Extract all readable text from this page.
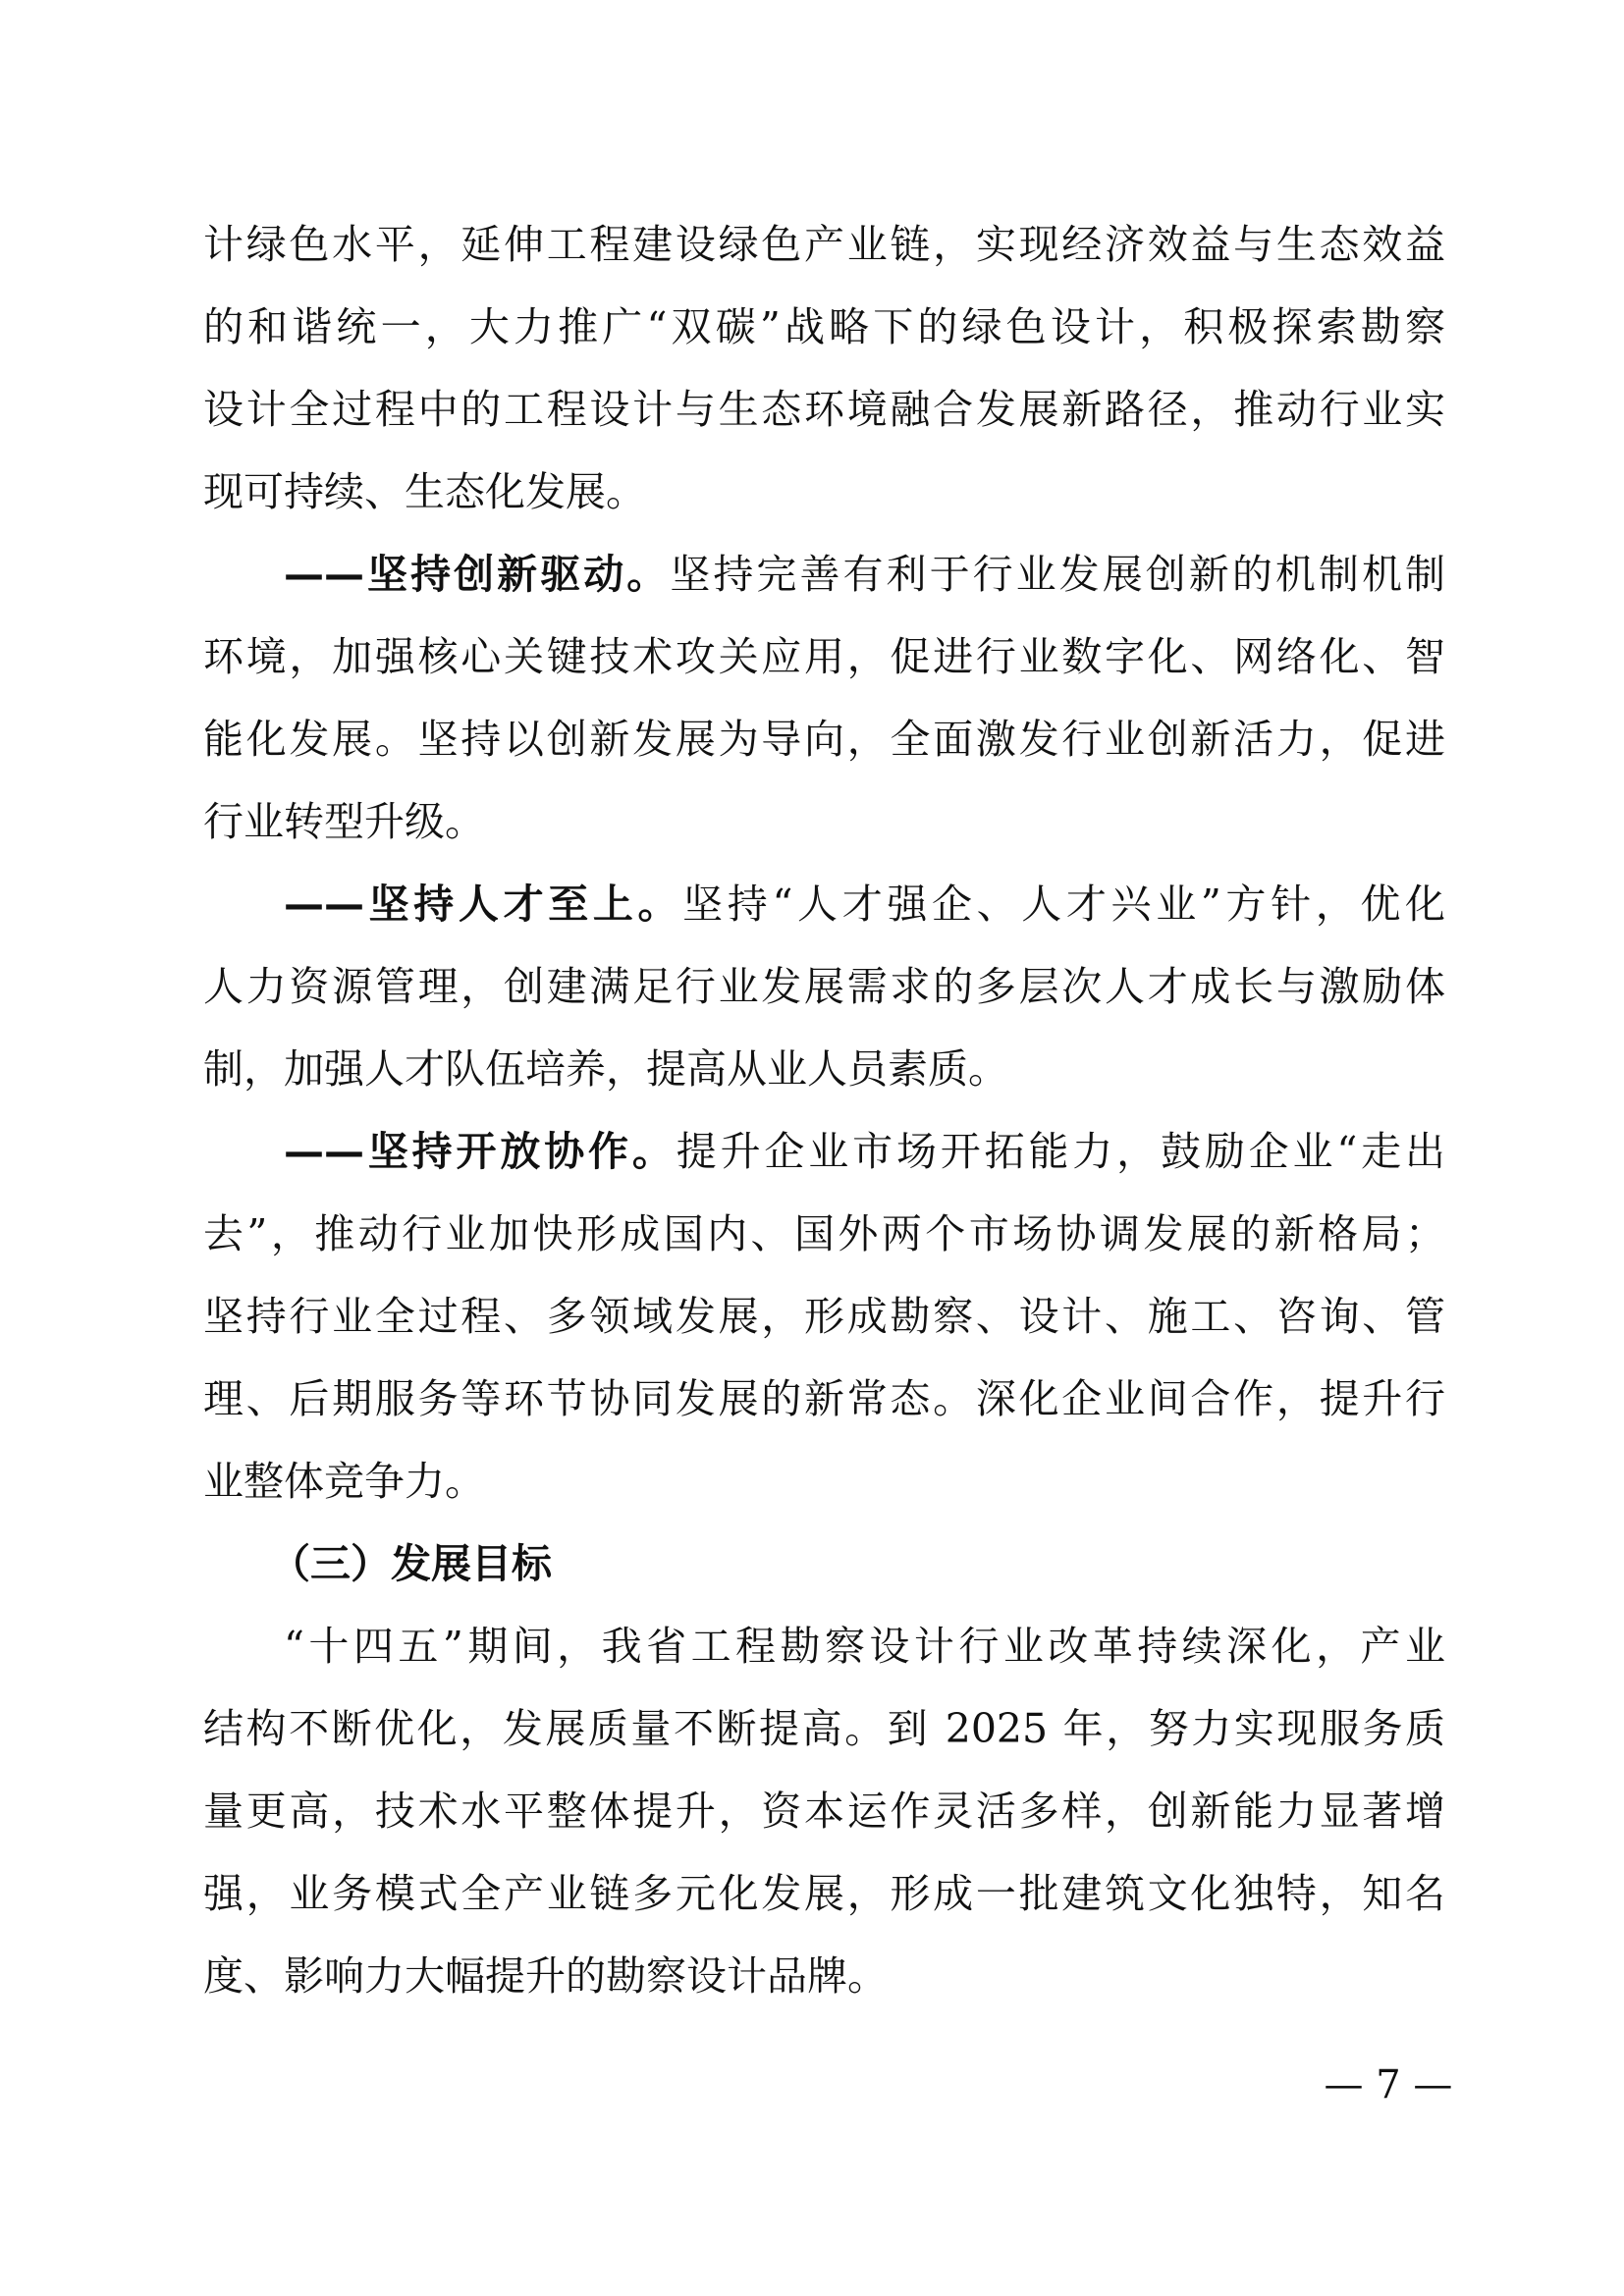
计绿色水平，延伸工程建设绿色产业链，实现经济效益与生态效益
的和谐统一，大力推广“双碳”战略下的绿色设计，积极探索勘察
设计全过程中的工程设计与生态环境融合发展新路径，推动行业实
现可持续、生态化发展。
——坚持创新驱动。坚持完善有利于行业发展创新的机制机制
环境，加强核心关键技术攻关应用，促进行业数字化、网络化、智
能化发展。坚持以创新发展为导向，全面激发行业创新活力，促进
行业转型升级。
——坚持人才至上。坚持“人才强企、人才兴业”方针，优化
人力资源管理，创建满足行业发展需求的多层次人才成长与激励体
制，加强人才队伍培养，提高从业人员素质。
——坚持开放协作。提升企业市场开拓能力，鼓励企业“走出
去”，推动行业加快形成国内、国外两个市场协调发展的新格局；
坚持行业全过程、多领域发展，形成勘察、设计、施工、咨询、管
理、后期服务等环节协同发展的新常态。深化企业间合作，提升行
业整体竞争力。
（三）发展目标
“十四五”期间，我省工程勘察设计行业改革持续深化，产业
结构不断优化，发展质量不断提高。到 2025 年，努力实现服务质
量更高，技术水平整体提升，资本运作灵活多样，创新能力显著增
强，业务模式全产业链多元化发展，形成一批建筑文化独特，知名
度、影响力大幅提升的勘察设计品牌。
— 7 —
